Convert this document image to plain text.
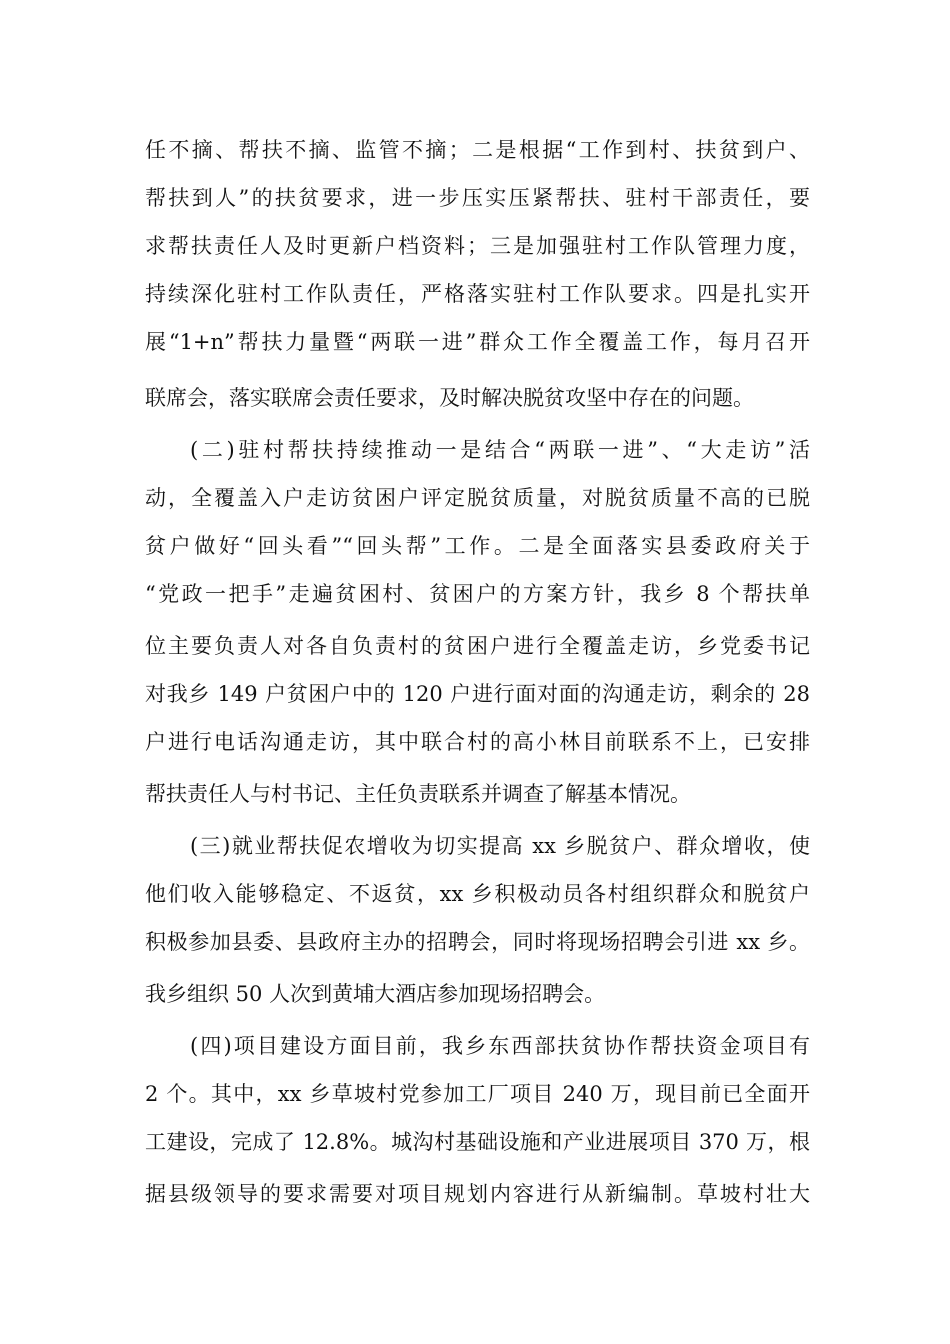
任不摘、帮扶不摘、监管不摘；二是根据“工作到村、扶贫到户、
帮扶到人”的扶贫要求，进一步压实压紧帮扶、驻村干部责任，要
求帮扶责任人及时更新户档资料；三是加强驻村工作队管理力度，
持续深化驻村工作队责任，严格落实驻村工作队要求。四是扎实开
展“1+n”帮扶力量暨“两联一进”群众工作全覆盖工作，每月召开
联席会，落实联席会责任要求，及时解决脱贫攻坚中存在的问题。
(二)驻村帮扶持续推动一是结合“两联一进”、“大走访”活
动，全覆盖入户走访贫困户评定脱贫质量，对脱贫质量不高的已脱
贫户做好“回头看”“回头帮”工作。二是全面落实县委政府关于
“党政一把手”走遍贫困村、贫困户的方案方针，我乡 8 个帮扶单
位主要负责人对各自负责村的贫困户进行全覆盖走访，乡党委书记
对我乡 149 户贫困户中的 120 户进行面对面的沟通走访，剩余的 28
户进行电话沟通走访，其中联合村的高小林目前联系不上，已安排
帮扶责任人与村书记、主任负责联系并调查了解基本情况。
(三)就业帮扶促农增收为切实提高 xx 乡脱贫户、群众增收，使
他们收入能够稳定、不返贫，xx 乡积极动员各村组织群众和脱贫户
积极参加县委、县政府主办的招聘会，同时将现场招聘会引进 xx 乡。
我乡组织 50 人次到黄埔大酒店参加现场招聘会。
(四)项目建设方面目前，我乡东西部扶贫协作帮扶资金项目有
2 个。其中，xx 乡草坡村党参加工厂项目 240 万，现目前已全面开
工建设，完成了 12.8%。城沟村基础设施和产业进展项目 370 万，根
据县级领导的要求需要对项目规划内容进行从新编制。草坡村壮大
